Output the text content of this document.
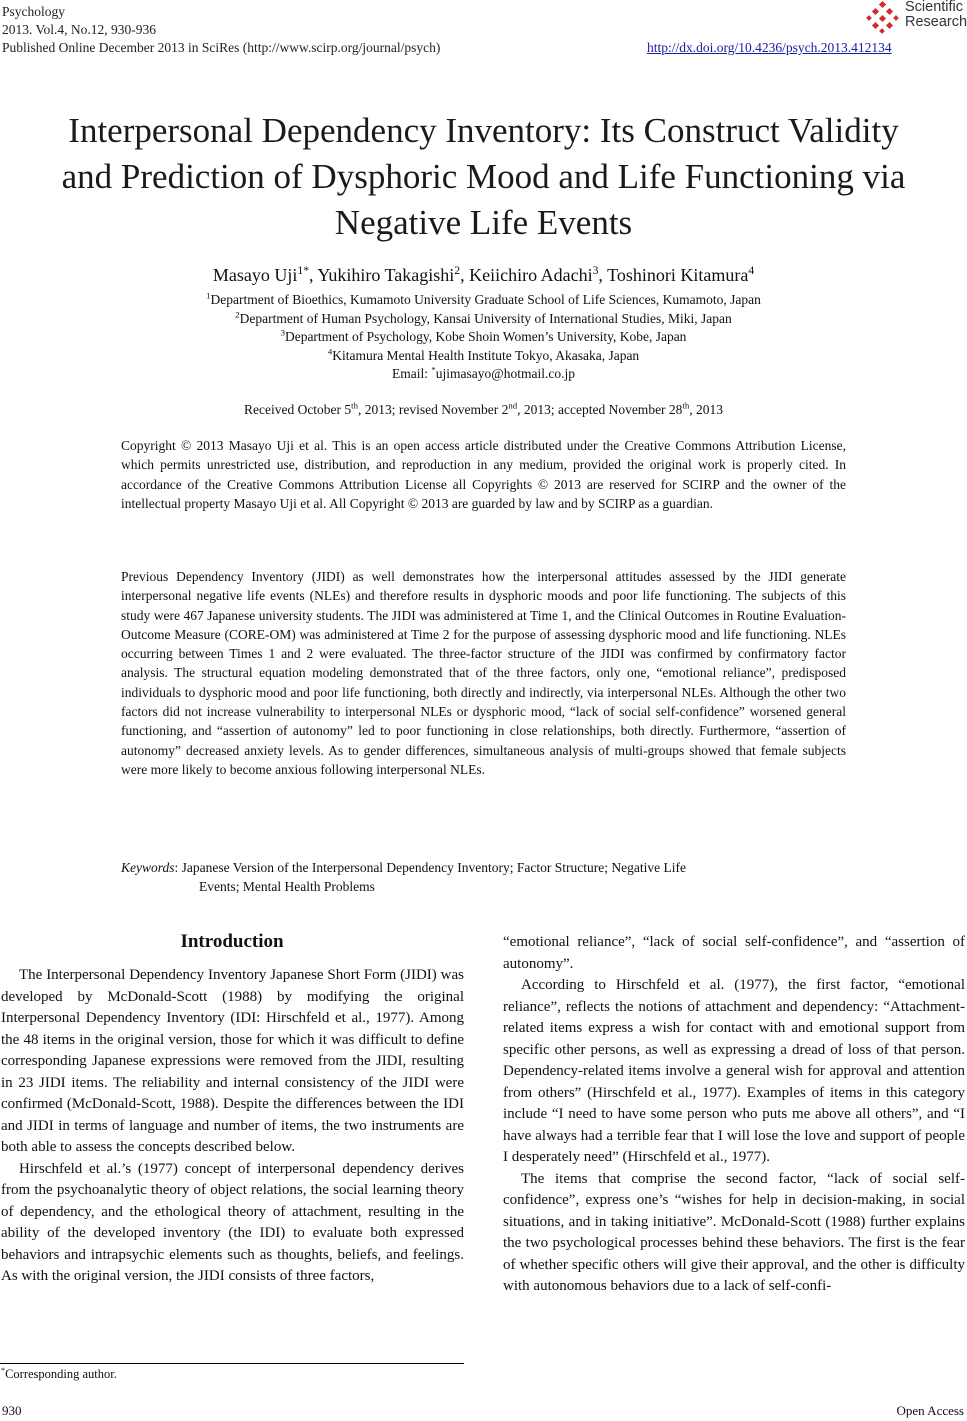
Psychology
2013. Vol.4, No.12, 930-936
Published Online December 2013 in SciRes (http://www.scirp.org/journal/psych)	http://dx.doi.org/10.4236/psych.2013.412134
Scientific
Research
Interpersonal Dependency Inventory: Its Construct Validity
and Prediction of Dysphoric Mood and Life Functioning via
Negative Life Events
Masayo Uji$^{1*}$, Yukihiro Takagishi$^2$, Keiichiro Adachi$^3$, Toshinori Kitamura$^4$
$^1$Department of Bioethics, Kumamoto University Graduate School of Life Sciences, Kumamoto, Japan
$^2$Department of Human Psychology, Kansai University of International Studies, Miki, Japan
$^3$Department of Psychology, Kobe Shoin Women’s University, Kobe, Japan
$^4$Kitamura Mental Health Institute Tokyo, Akasaka, Japan
Email: *ujimasayo@hotmail.co.jp
Received October 5th, 2013; revised November 2nd, 2013; accepted November 28th, 2013
Copyright © 2013 Masayo Uji et al. This is an open access article distributed under the Creative Commons Attribution License, which permits unrestricted use, distribution, and reproduction in any medium, provided the original work is properly cited. In accordance of the Creative Commons Attribution License all Copyrights © 2013 are reserved for SCIRP and the owner of the intellectual property Masayo Uji et al. All Copyright © 2013 are guarded by law and by SCIRP as a guardian.
Previous Dependency Inventory (JIDI) as well demonstrates how the interpersonal attitudes assessed by the JIDI generate interpersonal negative life events (NLEs) and therefore results in dysphoric moods and poor life functioning. The subjects of this study were 467 Japanese university students. The JIDI was administered at Time 1, and the Clinical Outcomes in Routine Evaluation-Outcome Measure (CORE-OM) was administered at Time 2 for the purpose of assessing dysphoric mood and life functioning. NLEs occurring between Times 1 and 2 were evaluated. The three-factor structure of the JIDI was confirmed by confirmatory factor analysis. The structural equation modeling demonstrated that of the three factors, only one, “emotional reliance”, predisposed individuals to dysphoric mood and poor life functioning, both directly and indirectly, via interpersonal NLEs. Although the other two factors did not increase vulnerability to interpersonal NLEs or dysphoric mood, “lack of social self-confidence” worsened general functioning, and “assertion of autonomy” led to poor functioning in close relationships, both directly. Furthermore, “assertion of autonomy” decreased anxiety levels. As to gender differences, simultaneous analysis of multi-groups showed that female subjects were more likely to become anxious following interpersonal NLEs.
Keywords: Japanese Version of the Interpersonal Dependency Inventory; Factor Structure; Negative Life
Events; Mental Health Problems
Introduction

The Interpersonal Dependency Inventory Japanese Short Form (JIDI) was developed by McDonald-Scott (1988) by modifying the original Interpersonal Dependency Inventory (IDI: Hirschfeld et al., 1977). Among the 48 items in the original version, those for which it was difficult to define corresponding Japanese expressions were removed from the JIDI, resulting in 23 JIDI items. The reliability and internal consistency of the JIDI were confirmed (McDonald-Scott, 1988). Despite the differences between the IDI and JIDI in terms of language and number of items, the two instruments are both able to assess the concepts described below.

Hirschfeld et al.’s (1977) concept of interpersonal dependency derives from the psychoanalytic theory of object relations, the social learning theory of dependency, and the ethological theory of attachment, resulting in the ability of the developed inventory (the IDI) to evaluate both expressed behaviors and intrapsychic elements such as thoughts, beliefs, and feelings. As with the original version, the JIDI consists of three factors,

*Corresponding author.

“emotional reliance”, “lack of social self-confidence”, and “assertion of autonomy”.

According to Hirschfeld et al. (1977), the first factor, “emotional reliance”, reflects the notions of attachment and dependency: “Attachment-related items express a wish for contact with and emotional support from specific other persons, as well as expressing a dread of loss of that person. Dependency-related items involve a general wish for approval and attention from others” (Hirschfeld et al., 1977). Examples of items in this category include “I need to have some person who puts me above all others”, and “I have always had a terrible fear that I will lose the love and support of people I desperately need” (Hirschfeld et al., 1977).

The items that comprise the second factor, “lack of social self-confidence”, express one’s “wishes for help in decision-making, in social situations, and in taking initiative”. McDonald-Scott (1988) further explains the two psychological processes behind these behaviors. The first is the fear of whether specific others will give their approval, and the other is difficulty with autonomous behaviors due to a lack of self-confi-

930	Open Access
